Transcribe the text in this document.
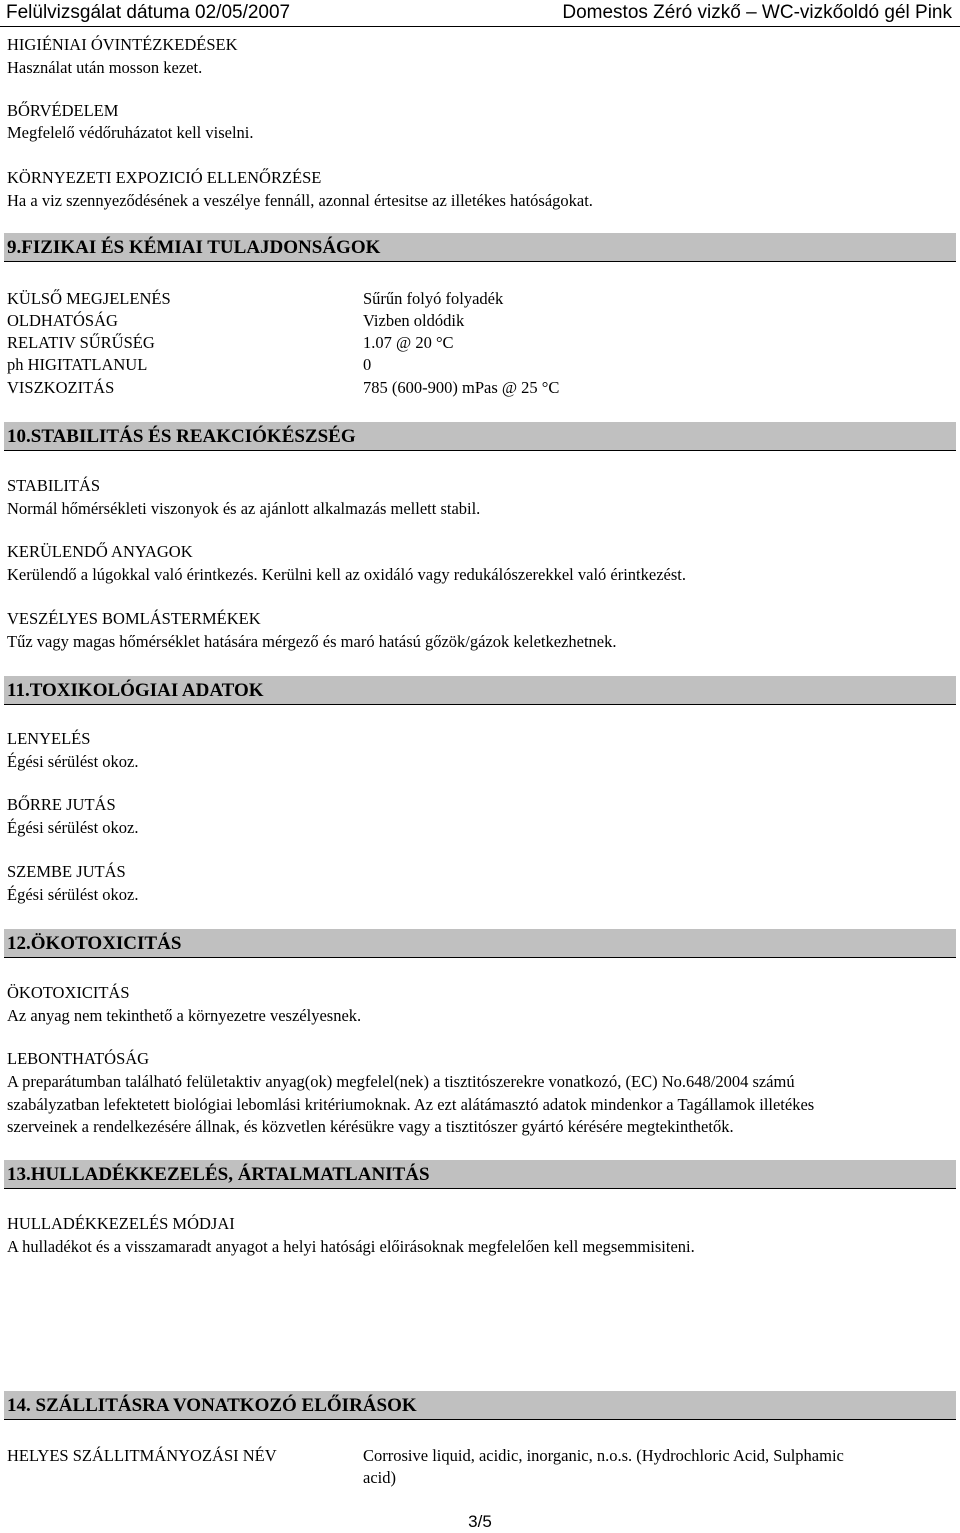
Felülvizsgálat dátuma 02/05/2007	Domestos Zéró vizkő – WC-vizkőoldó gél Pink
HIGIÉNIAI ÓVINTÉZKEDÉSEK
Használat után mosson kezet.
BŐRVÉDELEM
Megfelelő védőruházatot kell viselni.
KÖRNYEZETI EXPOZICIÓ ELLENŐRZÉSE
Ha a viz szennyeződésének a veszélye fennáll, azonnal értesitse az illetékes hatóságokat.
9.FIZIKAI ÉS KÉMIAI TULAJDONSÁGOK
KÜLSŐ MEGJELENÉS	Sűrűn folyó folyadék
OLDHATÓSÁG	Vizben oldódik
RELATIV SŰRŰSÉG	1.07 @ 20 °C
ph HIGITATLANUL	0
VISZKOZITÁS	785 (600-900) mPas @ 25 °C
10.STABILITÁS ÉS REAKCIÓKÉSZSÉG
STABILITÁS
Normál hőmérsékleti viszonyok és az ajánlott alkalmazás mellett stabil.
KERÜLENDŐ ANYAGOK
Kerülendő a lúgokkal való érintkezés. Kerülni kell az oxidáló vagy redukálószerekkel való érintkezést.
VESZÉLYES BOMLÁSTERMÉKEK
Tűz vagy magas hőmérséklet hatására mérgező és maró hatású gőzök/gázok keletkezhetnek.
11.TOXIKOLÓGIAI ADATOK
LENYELÉS
Égési sérülést okoz.
BŐRRE JUTÁS
Égési sérülést okoz.
SZEMBE JUTÁS
Égési sérülést okoz.
12.ÖKOTOXICITÁS
ÖKOTOXICITÁS
Az anyag nem tekinthető a környezetre veszélyesnek.
LEBONTHATÓSÁG
A preparátumban található felületaktiv anyag(ok) megfelel(nek) a tisztitószerekre vonatkozó, (EC) No.648/2004 számú
szabályzatban lefektetett biológiai lebomlási kritériumoknak. Az ezt alátámasztó adatok mindenkor a Tagállamok illetékes
szerveinek a rendelkezésére állnak, és közvetlen kérésükre vagy a tisztitószer gyártó kérésére megtekinthetők.
13.HULLADÉKKEZELÉS, ÁRTALMATLANITÁS
HULLADÉKKEZELÉS MÓDJAI
A hulladékot és a visszamaradt anyagot a helyi hatósági előirásoknak megfelelően kell megsemmisiteni.
14. SZÁLLITÁSRA VONATKOZÓ ELŐIRÁSOK
HELYES SZÁLLITMÁNYOZÁSI NÉV	Corrosive liquid, acidic, inorganic, n.o.s. (Hydrochloric Acid, Sulphamic
acid)
3/5
